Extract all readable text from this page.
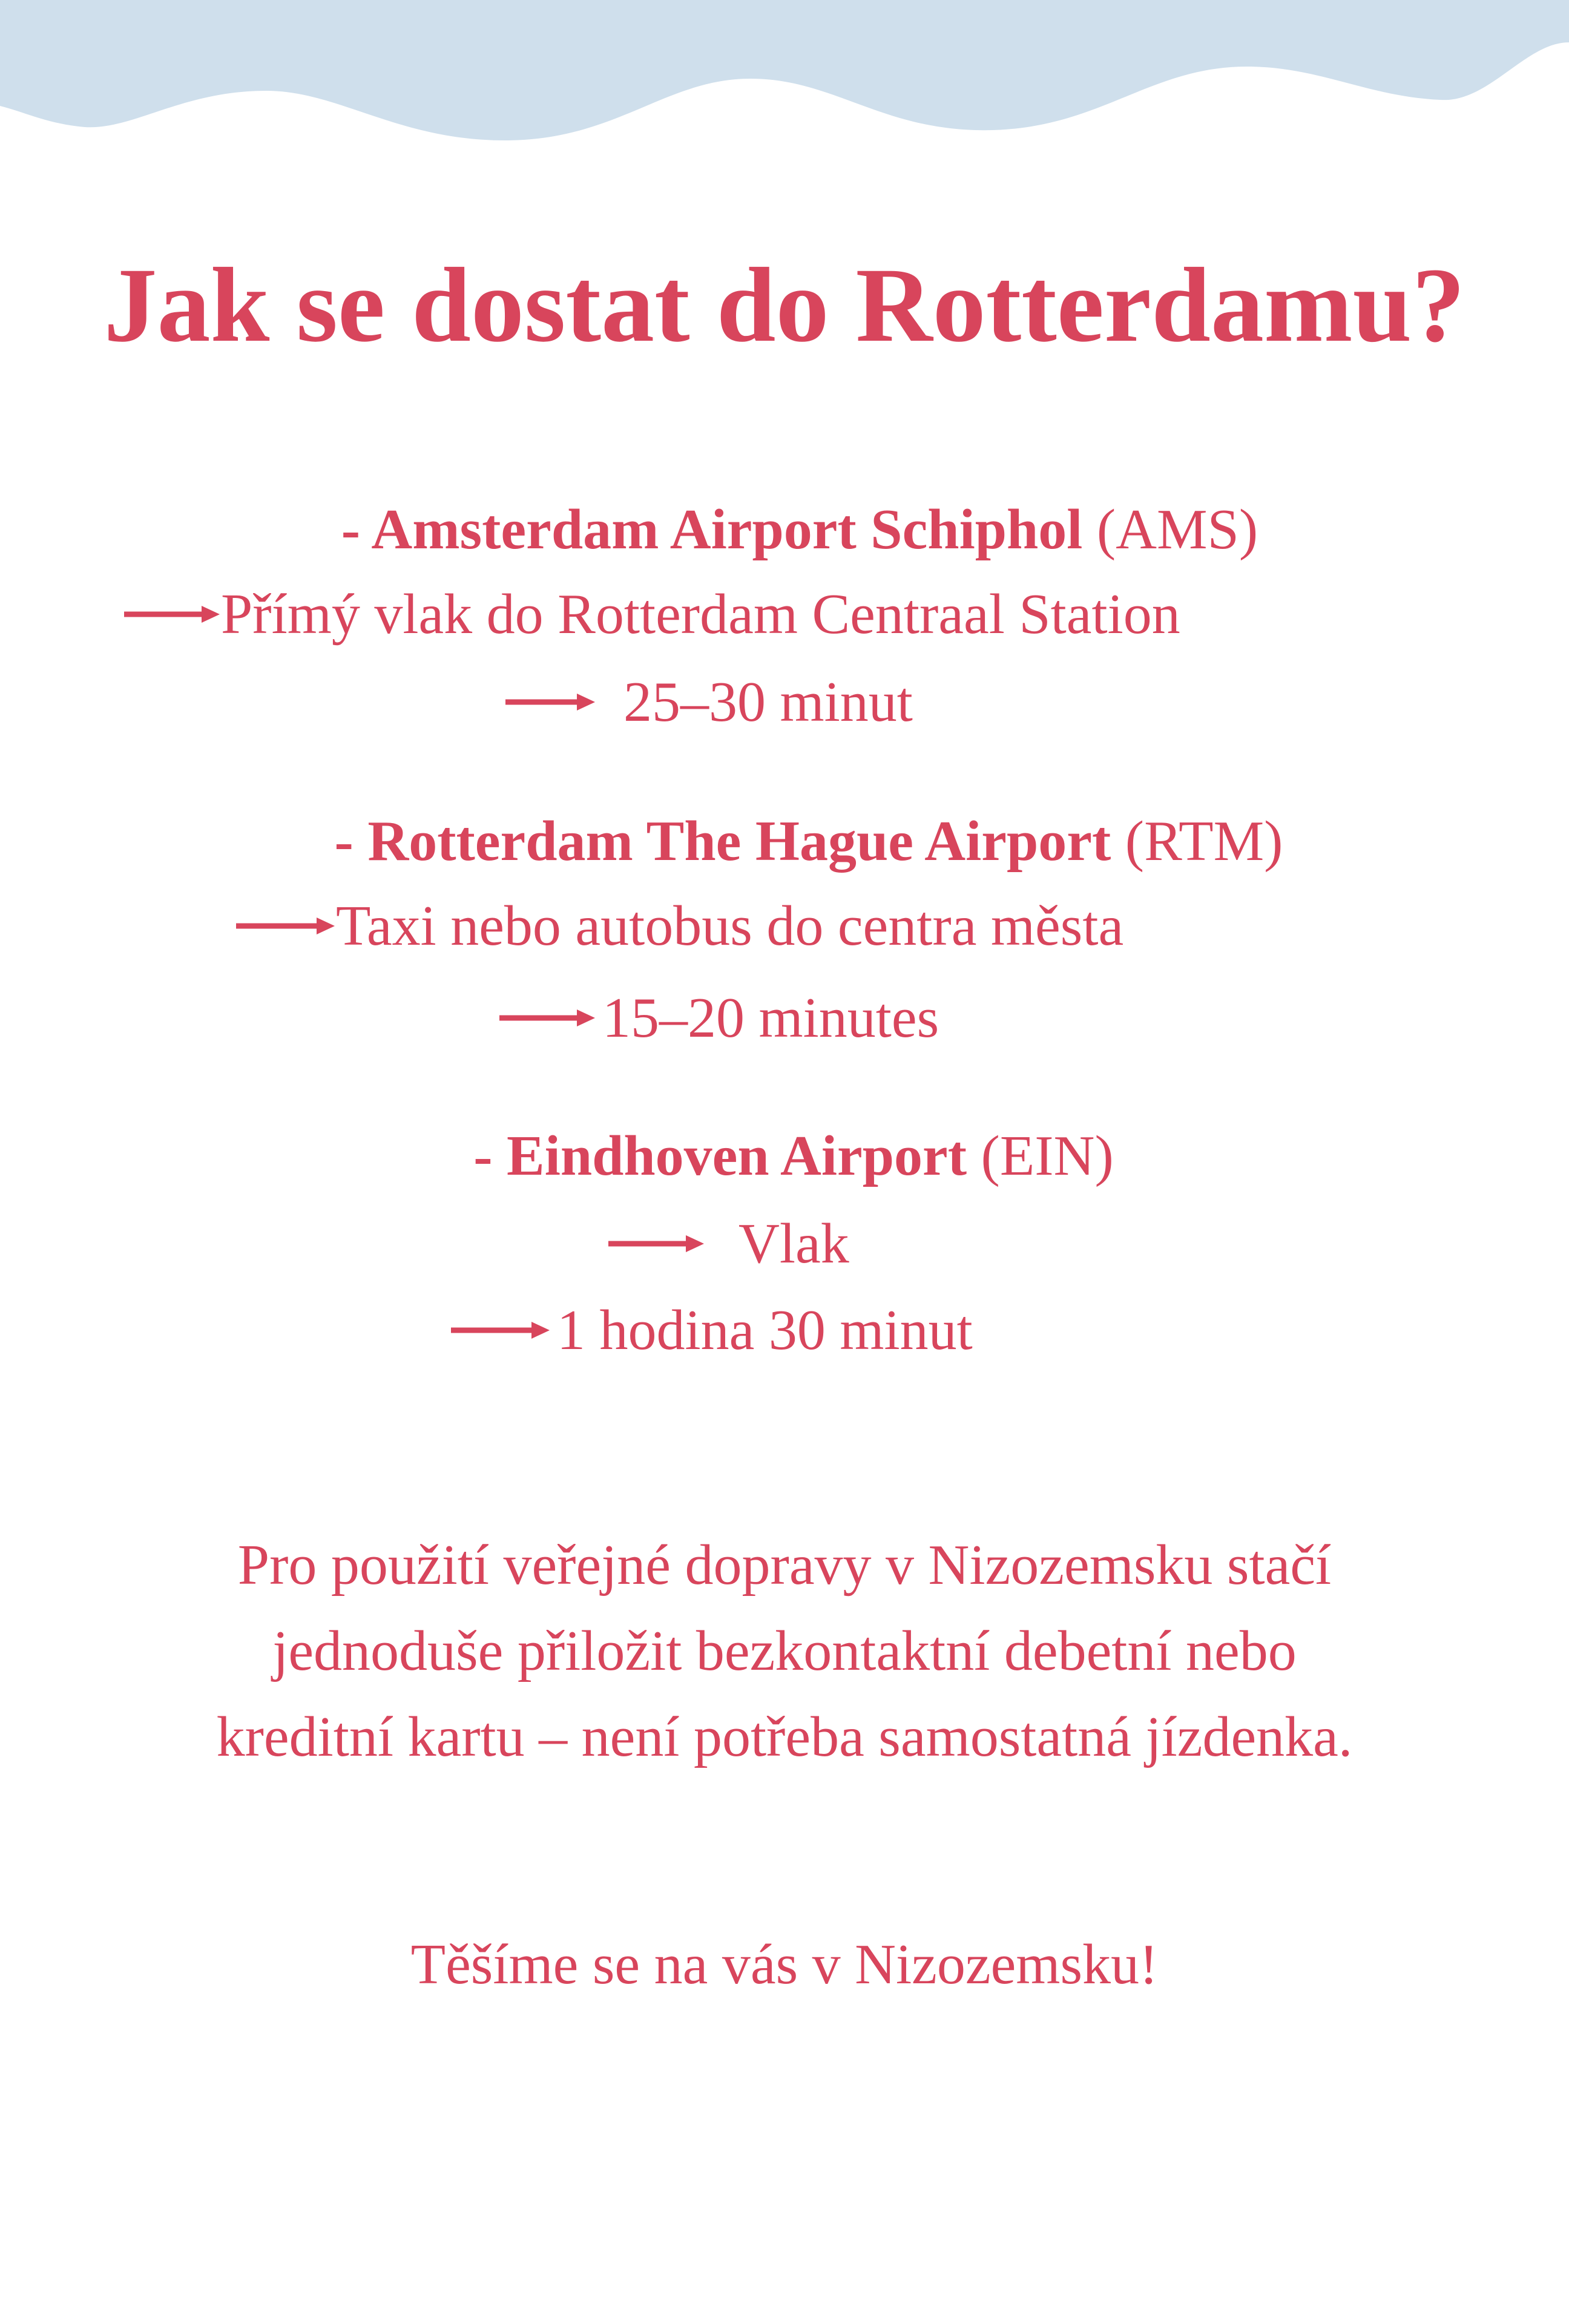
Jak se dostat do Rotterdamu?
- Amsterdam Airport Schiphol (AMS)
Přímý vlak do Rotterdam Centraal Station
25–30 minut
- Rotterdam The Hague Airport (RTM)
Taxi nebo autobus do centra města
15–20 minutes
- Eindhoven Airport (EIN)
Vlak
1 hodina 30 minut

Pro použití veřejné dopravy v Nizozemsku stačí
jednoduše přiložit bezkontaktní debetní nebo
kreditní kartu – není potřeba samostatná jízdenka.

Těšíme se na vás v Nizozemsku!
